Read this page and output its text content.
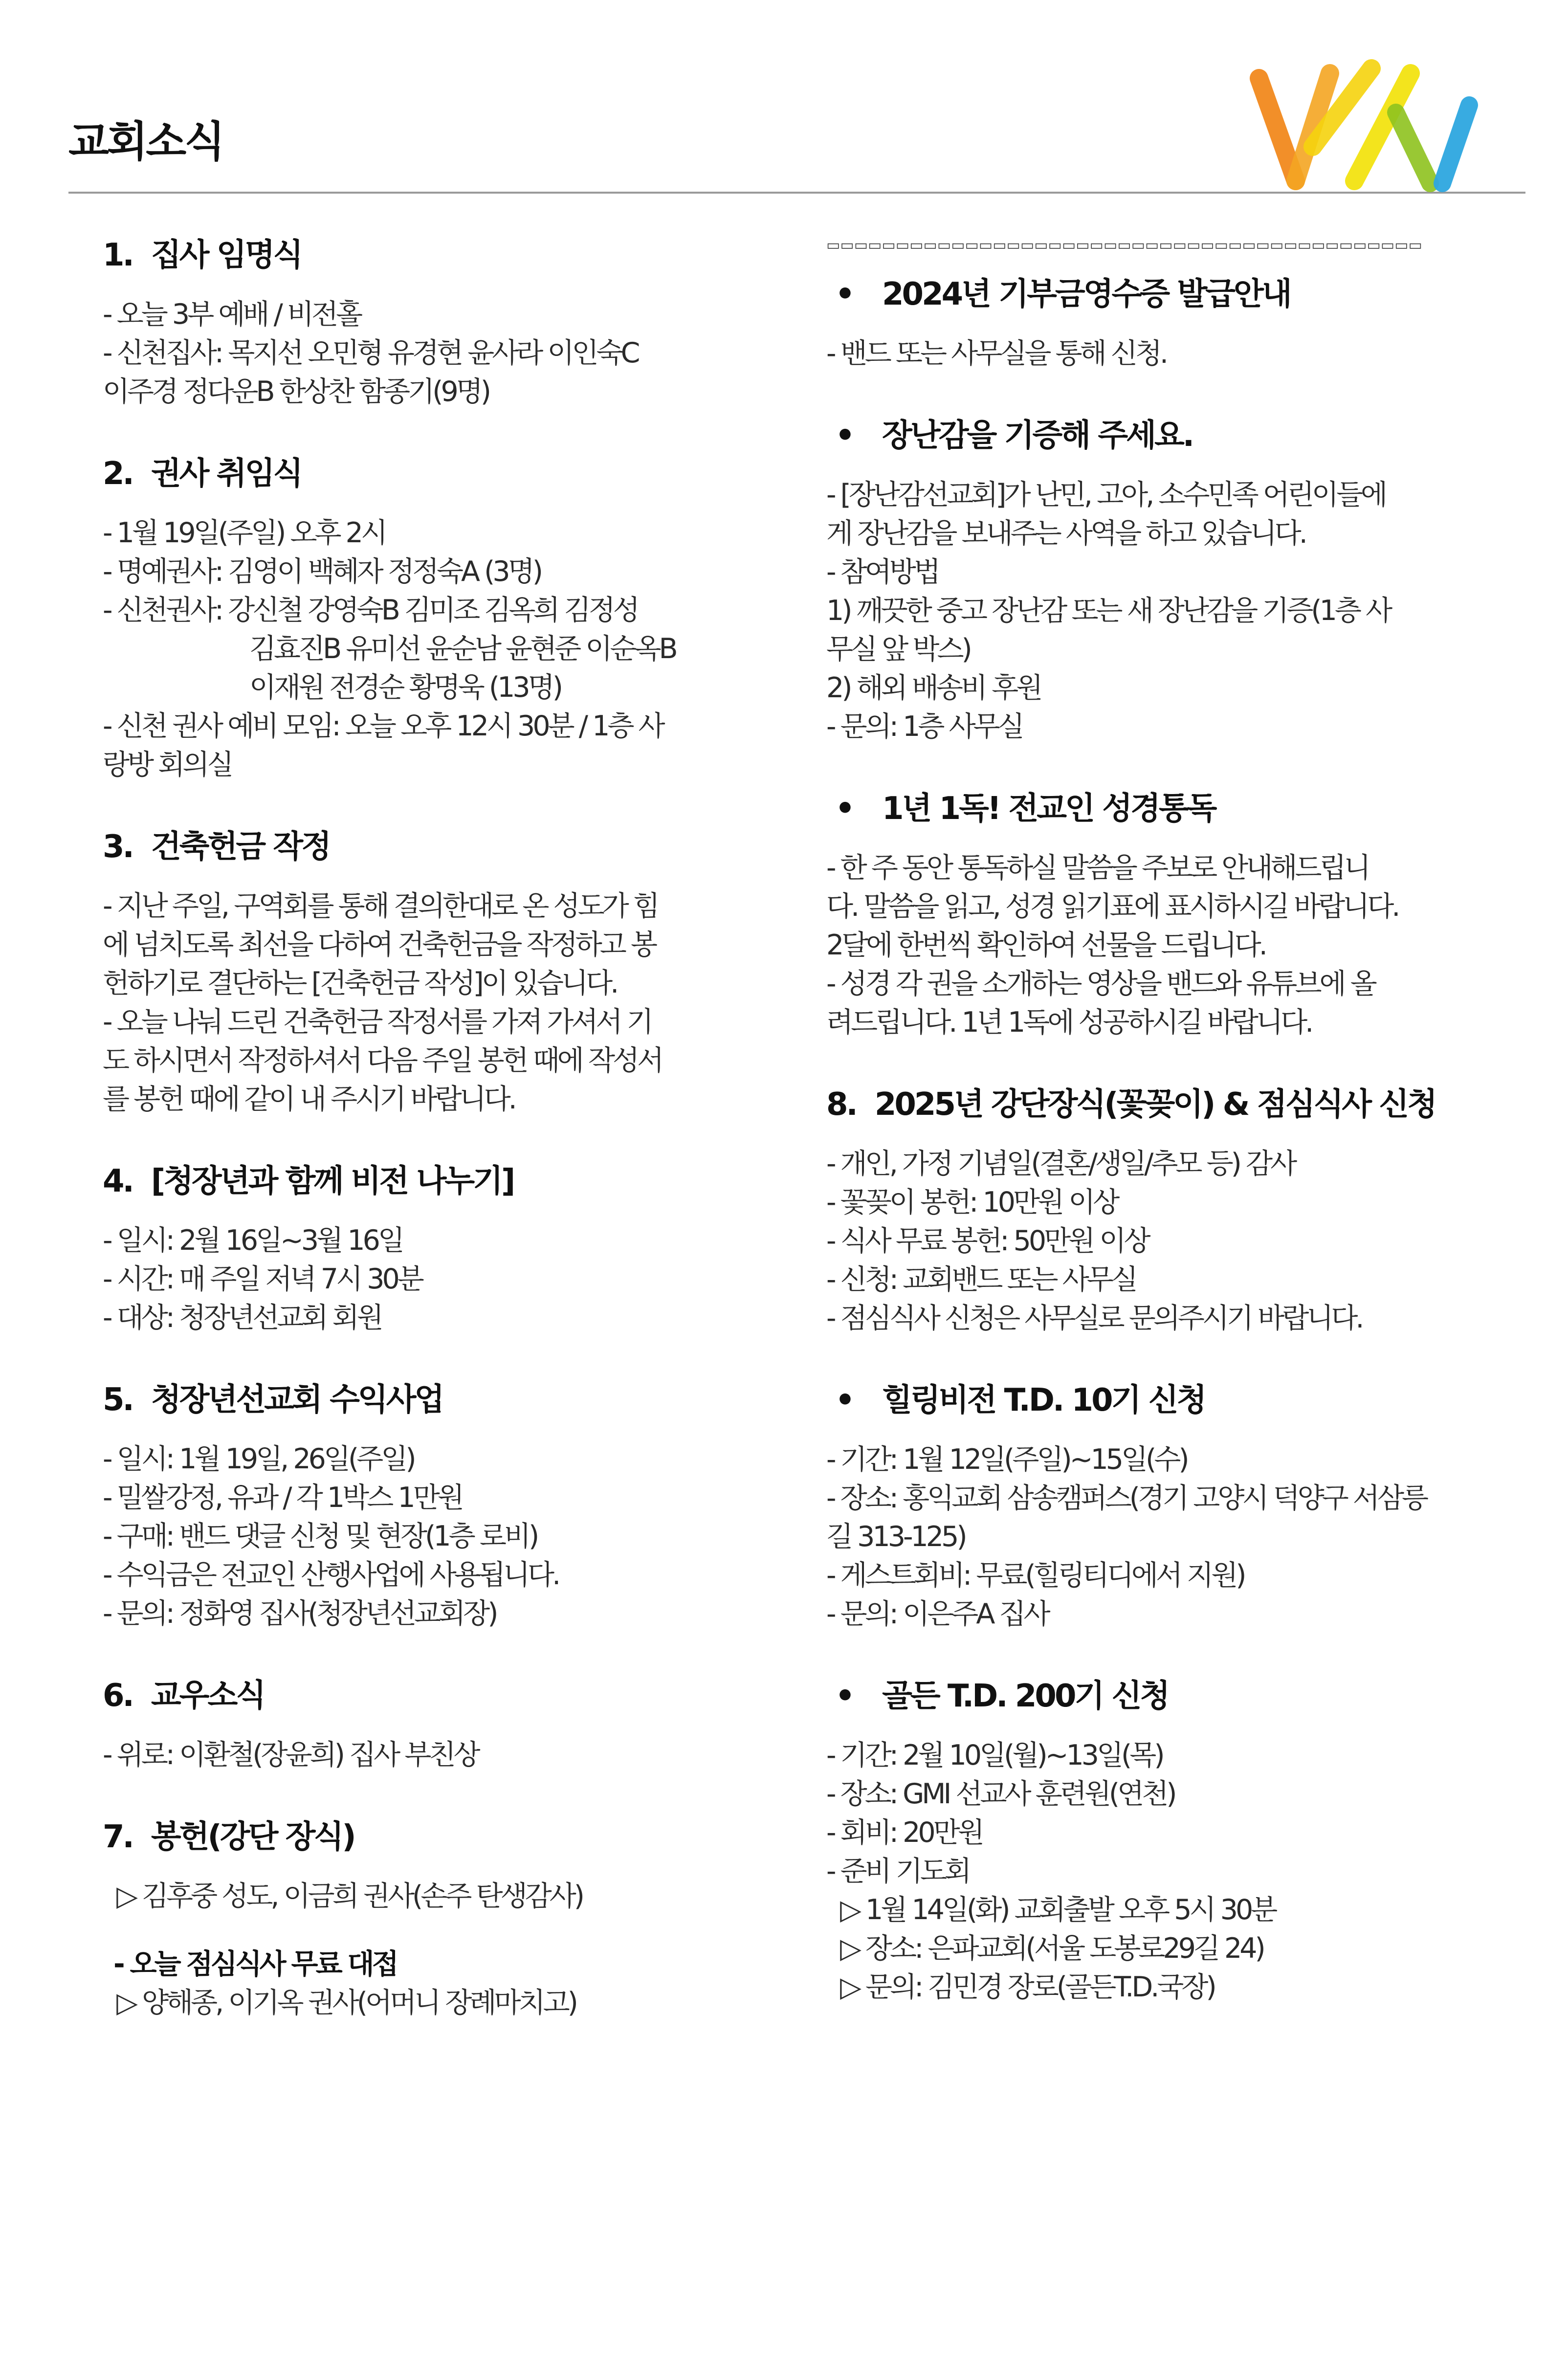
교회소식
1. 집사 임명식

- 오늘 3부 예배 / 비전홀

- 신천집사: 목지선 오민형 유경현 윤사라 이인숙C

이주경 정다운B 한상찬 함종기(9명)

2. 권사 취임식

- 1월 19일(주일) 오후 2시

- 명예권사: 김영이 백혜자 정정숙A (3명)

- 신천권사: 강신철 강영숙B 김미조 김옥희 김정성

김효진B 유미선 윤순남 윤현준 이순옥B

이재원 전경순 황명욱 (13명)

- 신천 권사 예비 모임: 오늘 오후 12시 30분 / 1층 사

랑방 회의실

3. 건축헌금 작정

- 지난 주일, 구역회를 통해 결의한대로 온 성도가 힘

에 넘치도록 최선을 다하여 건축헌금을 작정하고 봉

헌하기로 결단하는 [건축헌금 작성]이 있습니다.

- 오늘 나눠 드린 건축헌금 작정서를 가져 가셔서 기

도 하시면서 작정하셔서 다음 주일 봉헌 때에 작성서

를 봉헌 때에 같이 내 주시기 바랍니다.

4. [청장년과 함께 비전 나누기]

- 일시: 2월 16일~3월 16일

- 시간: 매 주일 저녁 7시 30분

- 대상: 청장년선교회 회원

5. 청장년선교회 수익사업

- 일시: 1월 19일, 26일(주일)

- 밀쌀강정, 유과 / 각 1박스 1만원

- 구매: 밴드 댓글 신청 및 현장(1층 로비)

- 수익금은 전교인 산행사업에 사용됩니다.

- 문의: 정화영 집사(청장년선교회장)

6. 교우소식

- 위로: 이환철(장윤희) 집사 부친상

7. 봉헌(강단 장식)

▷ 김후중 성도, 이금희 권사(손주 탄생감사)

- 오늘 점심식사 무료 대접

▷ 양해종, 이기옥 권사(어머니 장례마치고)

▭▭▭▭▭▭▭▭▭▭▭▭▭▭▭▭▭▭▭▭▭▭▭▭▭▭▭▭▭▭▭▭▭▭▭▭▭▭▭▭▭▭▭
• 2024년 기부금영수증 발급안내

- 밴드 또는 사무실을 통해 신청.

• 장난감을 기증해 주세요.

- [장난감선교회]가 난민, 고아, 소수민족 어린이들에

게 장난감을 보내주는 사역을 하고 있습니다.

- 참여방법

1) 깨끗한 중고 장난감 또는 새 장난감을 기증(1층 사

무실 앞 박스)

2) 해외 배송비 후원

- 문의: 1층 사무실

• 1년 1독! 전교인 성경통독

- 한 주 동안 통독하실 말씀을 주보로 안내해드립니

다. 말씀을 읽고, 성경 읽기표에 표시하시길 바랍니다.

2달에 한번씩 확인하여 선물을 드립니다.

- 성경 각 권을 소개하는 영상을 밴드와 유튜브에 올

려드립니다. 1년 1독에 성공하시길 바랍니다.

8. 2025년 강단장식(꽃꽂이) & 점심식사 신청

- 개인, 가정 기념일(결혼/생일/추모 등) 감사

- 꽃꽂이 봉헌: 10만원 이상

- 식사 무료 봉헌: 50만원 이상

- 신청: 교회밴드 또는 사무실

- 점심식사 신청은 사무실로 문의주시기 바랍니다.

• 힐링비전 T.D. 10기 신청

- 기간: 1월 12일(주일)~15일(수)

- 장소: 홍익교회 삼송캠퍼스(경기 고양시 덕양구 서삼릉

길 313-125)

- 게스트회비: 무료(힐링티디에서 지원)

- 문의: 이은주A 집사

• 골든 T.D. 200기 신청

- 기간: 2월 10일(월)~13일(목)

- 장소: GMI 선교사 훈련원(연천)

- 회비: 20만원

- 준비 기도회

▷ 1월 14일(화) 교회출발 오후 5시 30분

▷ 장소: 은파교회(서울 도봉로29길 24)

▷ 문의: 김민경 장로(골든T.D.국장)
